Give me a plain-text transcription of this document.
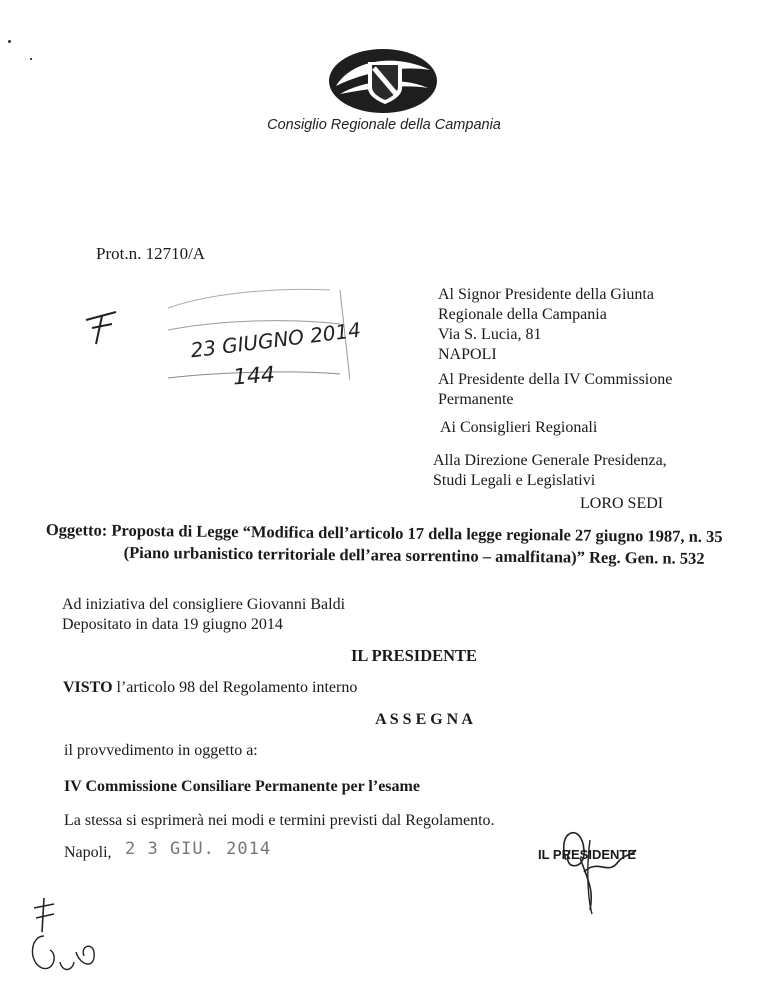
Consiglio Regionale della Campania
Prot.n. 12710/A
Al Signor Presidente della Giunta
Regionale della Campania
Via S. Lucia, 81
NAPOLI
Al Presidente della IV Commissione
Permanente
Ai Consiglieri Regionali
Alla Direzione Generale Presidenza,
Studi Legali e Legislativi
LORO SEDI
23 GIUGNO 2014
144
Oggetto: Proposta di Legge “Modifica dell’articolo 17 della legge regionale 27 giugno 1987, n. 35
(Piano urbanistico territoriale dell’area sorrentino – amalfitana)” Reg. Gen. n. 532
Ad iniziativa del consigliere Giovanni Baldi
Depositato in data 19 giugno 2014
IL PRESIDENTE
VISTO l’articolo 98 del Regolamento interno
A S S E G N A
il provvedimento in oggetto a:
IV Commissione Consiliare Permanente per l’esame
La stessa si esprimerà nei modi e termini previsti dal Regolamento.
Napoli, 2 3 GIU. 2014	IL PRESIDENTE
